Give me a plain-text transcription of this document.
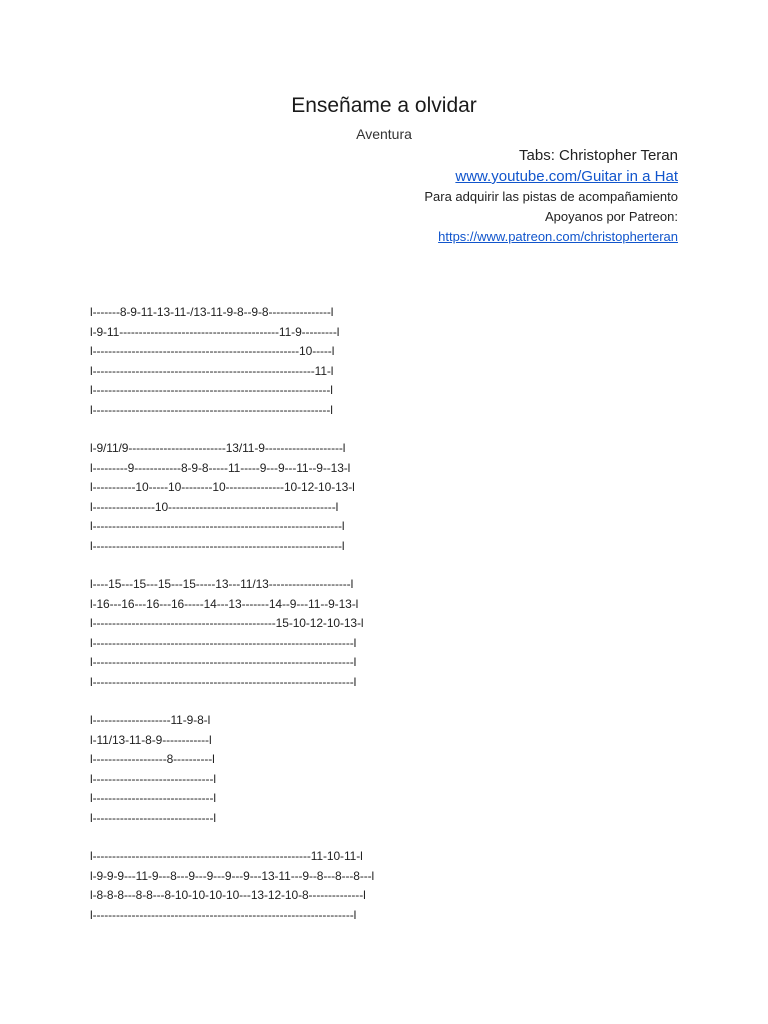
Enseñame a olvidar
Aventura
Tabs: Christopher Teran
www.youtube.com/Guitar in a Hat
Para adquirir las pistas de acompañamiento
Apoyanos por Patreon:
https://www.patreon.com/christopherteran
l-------8-9-11-13-11-/13-11-9-8--9-8----------------l
l-9-11-----------------------------------------11-9---------l
l-----------------------------------------------------10-----l
l---------------------------------------------------------11-l
l-------------------------------------------------------------l
l-------------------------------------------------------------l
l-9/11/9-------------------------13/11-9--------------------l
l---------9------------8-9-8-----11-----9---9---11--9--13-l
l-----------10-----10--------10---------------10-12-10-13-l
l----------------10-------------------------------------------l
l----------------------------------------------------------------l
l----------------------------------------------------------------l
l----15---15---15---15-----13---11/13---------------------l
l-16---16---16---16-----14---13-------14--9---11--9-13-l
l-----------------------------------------------15-10-12-10-13-l
l-------------------------------------------------------------------l
l-------------------------------------------------------------------l
l-------------------------------------------------------------------l
l--------------------11-9-8-l
l-11/13-11-8-9------------l
l-------------------8----------l
l-------------------------------l
l-------------------------------l
l-------------------------------l
l--------------------------------------------------------11-10-11-l
l-9-9-9---11-9---8---9---9---9---9---13-11---9--8---8---8---l
l-8-8-8---8-8---8-10-10-10-10---13-12-10-8--------------l
l-------------------------------------------------------------------l
